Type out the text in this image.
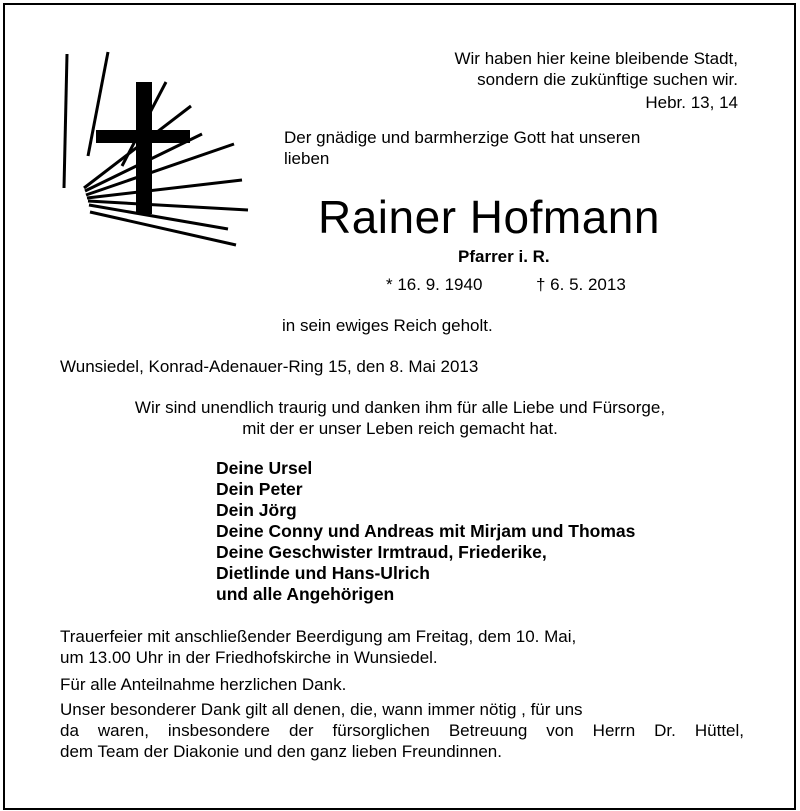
Wir haben hier keine bleibende Stadt,
sondern die zukünftige suchen wir.
Hebr. 13, 14
Der gnädige und barmherzige Gott hat unseren
lieben
Rainer Hofmann
Pfarrer i. R.
* 16. 9. 1940	† 6. 5. 2013
in sein ewiges Reich geholt.
Wunsiedel, Konrad-Adenauer-Ring 15, den 8. Mai 2013
Wir sind unendlich traurig und danken ihm für alle Liebe und Fürsorge,
mit der er unser Leben reich gemacht hat.
Deine Ursel
Dein Peter
Dein Jörg
Deine Conny und Andreas mit Mirjam und Thomas
Deine Geschwister Irmtraud, Friederike,
Dietlinde und Hans-Ulrich
und alle Angehörigen
Trauerfeier mit anschließender Beerdigung am Freitag, dem 10. Mai,
um 13.00 Uhr in der Friedhofskirche in Wunsiedel.
Für alle Anteilnahme herzlichen Dank.
Unser besonderer Dank gilt all denen, die, wann immer nötig , für uns
da waren, insbesondere der fürsorglichen Betreuung von Herrn Dr. Hüttel,
dem Team der Diakonie und den ganz lieben Freundinnen.
